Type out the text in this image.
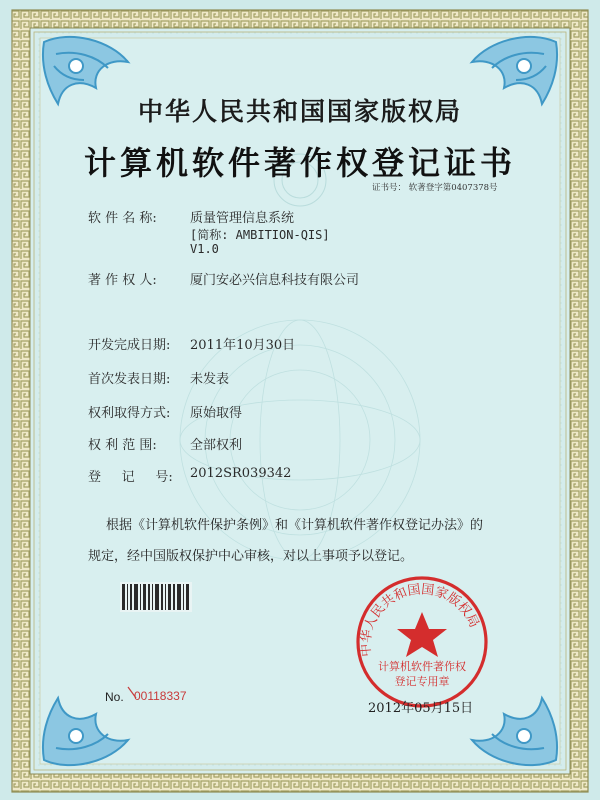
中华人民共和国国家版权局
中华人民共和国国家版权局
计算机软件著作权登记证书
证书号： 软著登字第0407378号
软 件 名 称:	质量管理信息系统
[简称: AMBITION-QIS]
V1.0
著 作 权 人:	厦门安必兴信息科技有限公司
开发完成日期: 2011年10月30日
首次发表日期: 未发表
权利取得方式: 原始取得
权 利 范 围:	全部权利
登     记     号: 2012SR039342
根据《计算机软件保护条例》和《计算机软件著作权登记办法》的
规定，经中国版权保护中心审核，对以上事项予以登记。
No. 00118337
计算机软件著作权
登记专用章
2012年05月15日
